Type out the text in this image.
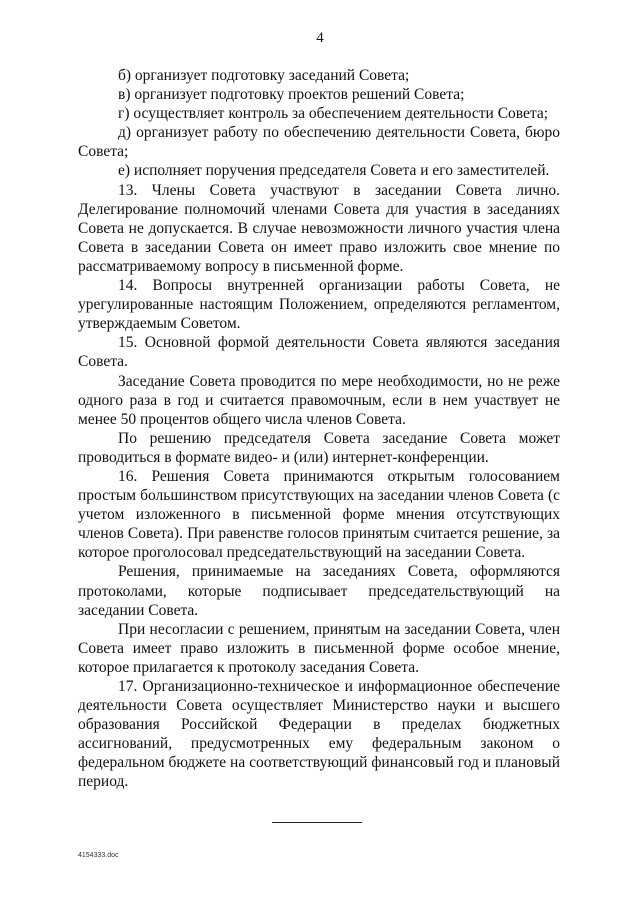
4

б) организует подготовку заседаний Совета;

в) организует подготовку проектов решений Совета;

г) осуществляет контроль за обеспечением деятельности Совета;

д) организует работу по обеспечению деятельности Совета, бюро Совета;

е) исполняет поручения председателя Совета и его заместителей.

13. Члены Совета участвуют в заседании Совета лично. Делегирование полномочий членами Совета для участия в заседаниях Совета не допускается. В случае невозможности личного участия члена Совета в заседании Совета он имеет право изложить свое мнение по рассматриваемому вопросу в письменной форме.

14. Вопросы внутренней организации работы Совета, не урегулированные настоящим Положением, определяются регламентом, утверждаемым Советом.

15. Основной формой деятельности Совета являются заседания Совета.

Заседание Совета проводится по мере необходимости, но не реже одного раза в год и считается правомочным, если в нем участвует не менее 50 процентов общего числа членов Совета.

По решению председателя Совета заседание Совета может проводиться в формате видео- и (или) интернет-конференции.

16. Решения Совета принимаются открытым голосованием простым большинством присутствующих на заседании членов Совета (с учетом изложенного в письменной форме мнения отсутствующих членов Совета). При равенстве голосов принятым считается решение, за которое проголосовал председательствующий на заседании Совета.

Решения, принимаемые на заседаниях Совета, оформляются протоколами, которые подписывает председательствующий на заседании Совета.

При несогласии с решением, принятым на заседании Совета, член Совета имеет право изложить в письменной форме особое мнение, которое прилагается к протоколу заседания Совета.

17. Организационно-техническое и информационное обеспечение деятельности Совета осуществляет Министерство науки и высшего образования Российской Федерации в пределах бюджетных ассигнований, предусмотренных ему федеральным законом о федеральном бюджете на соответствующий финансовый год и плановый период.

4154333.doc
